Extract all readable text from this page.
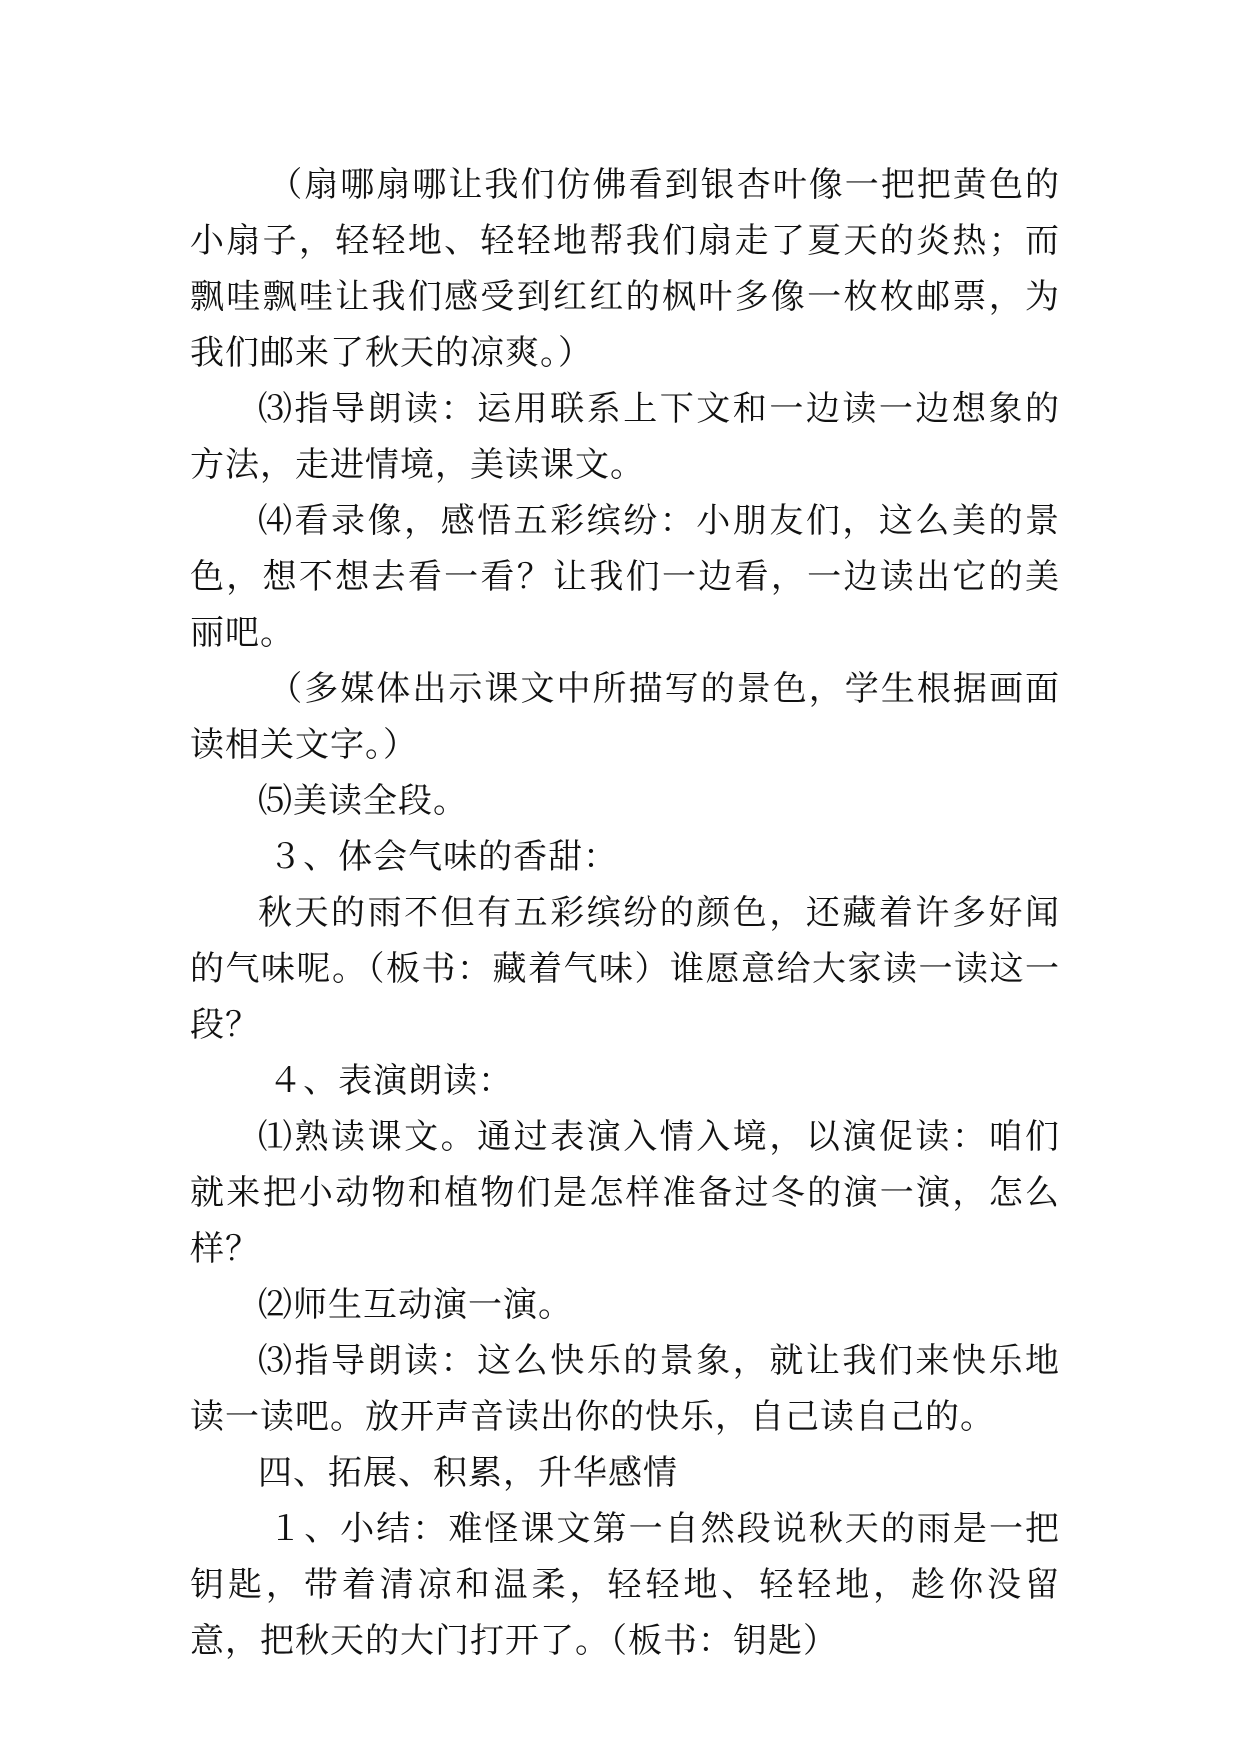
（扇哪扇哪让我们仿佛看到银杏叶像一把把黄色的小扇子，轻轻地、轻轻地帮我们扇走了夏天的炎热；而飘哇飘哇让我们感受到红红的枫叶多像一枚枚邮票，为我们邮来了秋天的凉爽。）

⑶指导朗读：运用联系上下文和一边读一边想象的方法，走进情境，美读课文。

⑷看录像，感悟五彩缤纷：小朋友们，这么美的景色，想不想去看一看？让我们一边看，一边读出它的美丽吧。

（多媒体出示课文中所描写的景色，学生根据画面读相关文字。）

⑸美读全段。

３、体会气味的香甜：

秋天的雨不但有五彩缤纷的颜色，还藏着许多好闻的气味呢。（板书：藏着气味）谁愿意给大家读一读这一段？

４、表演朗读：

⑴熟读课文。通过表演入情入境，以演促读：咱们就来把小动物和植物们是怎样准备过冬的演一演，怎么样？

⑵师生互动演一演。

⑶指导朗读：这么快乐的景象，就让我们来快乐地读一读吧。放开声音读出你的快乐，自己读自己的。

四、拓展、积累，升华感情

１、小结：难怪课文第一自然段说秋天的雨是一把钥匙，带着清凉和温柔，轻轻地、轻轻地，趁你没留意，把秋天的大门打开了。（板书：钥匙）
